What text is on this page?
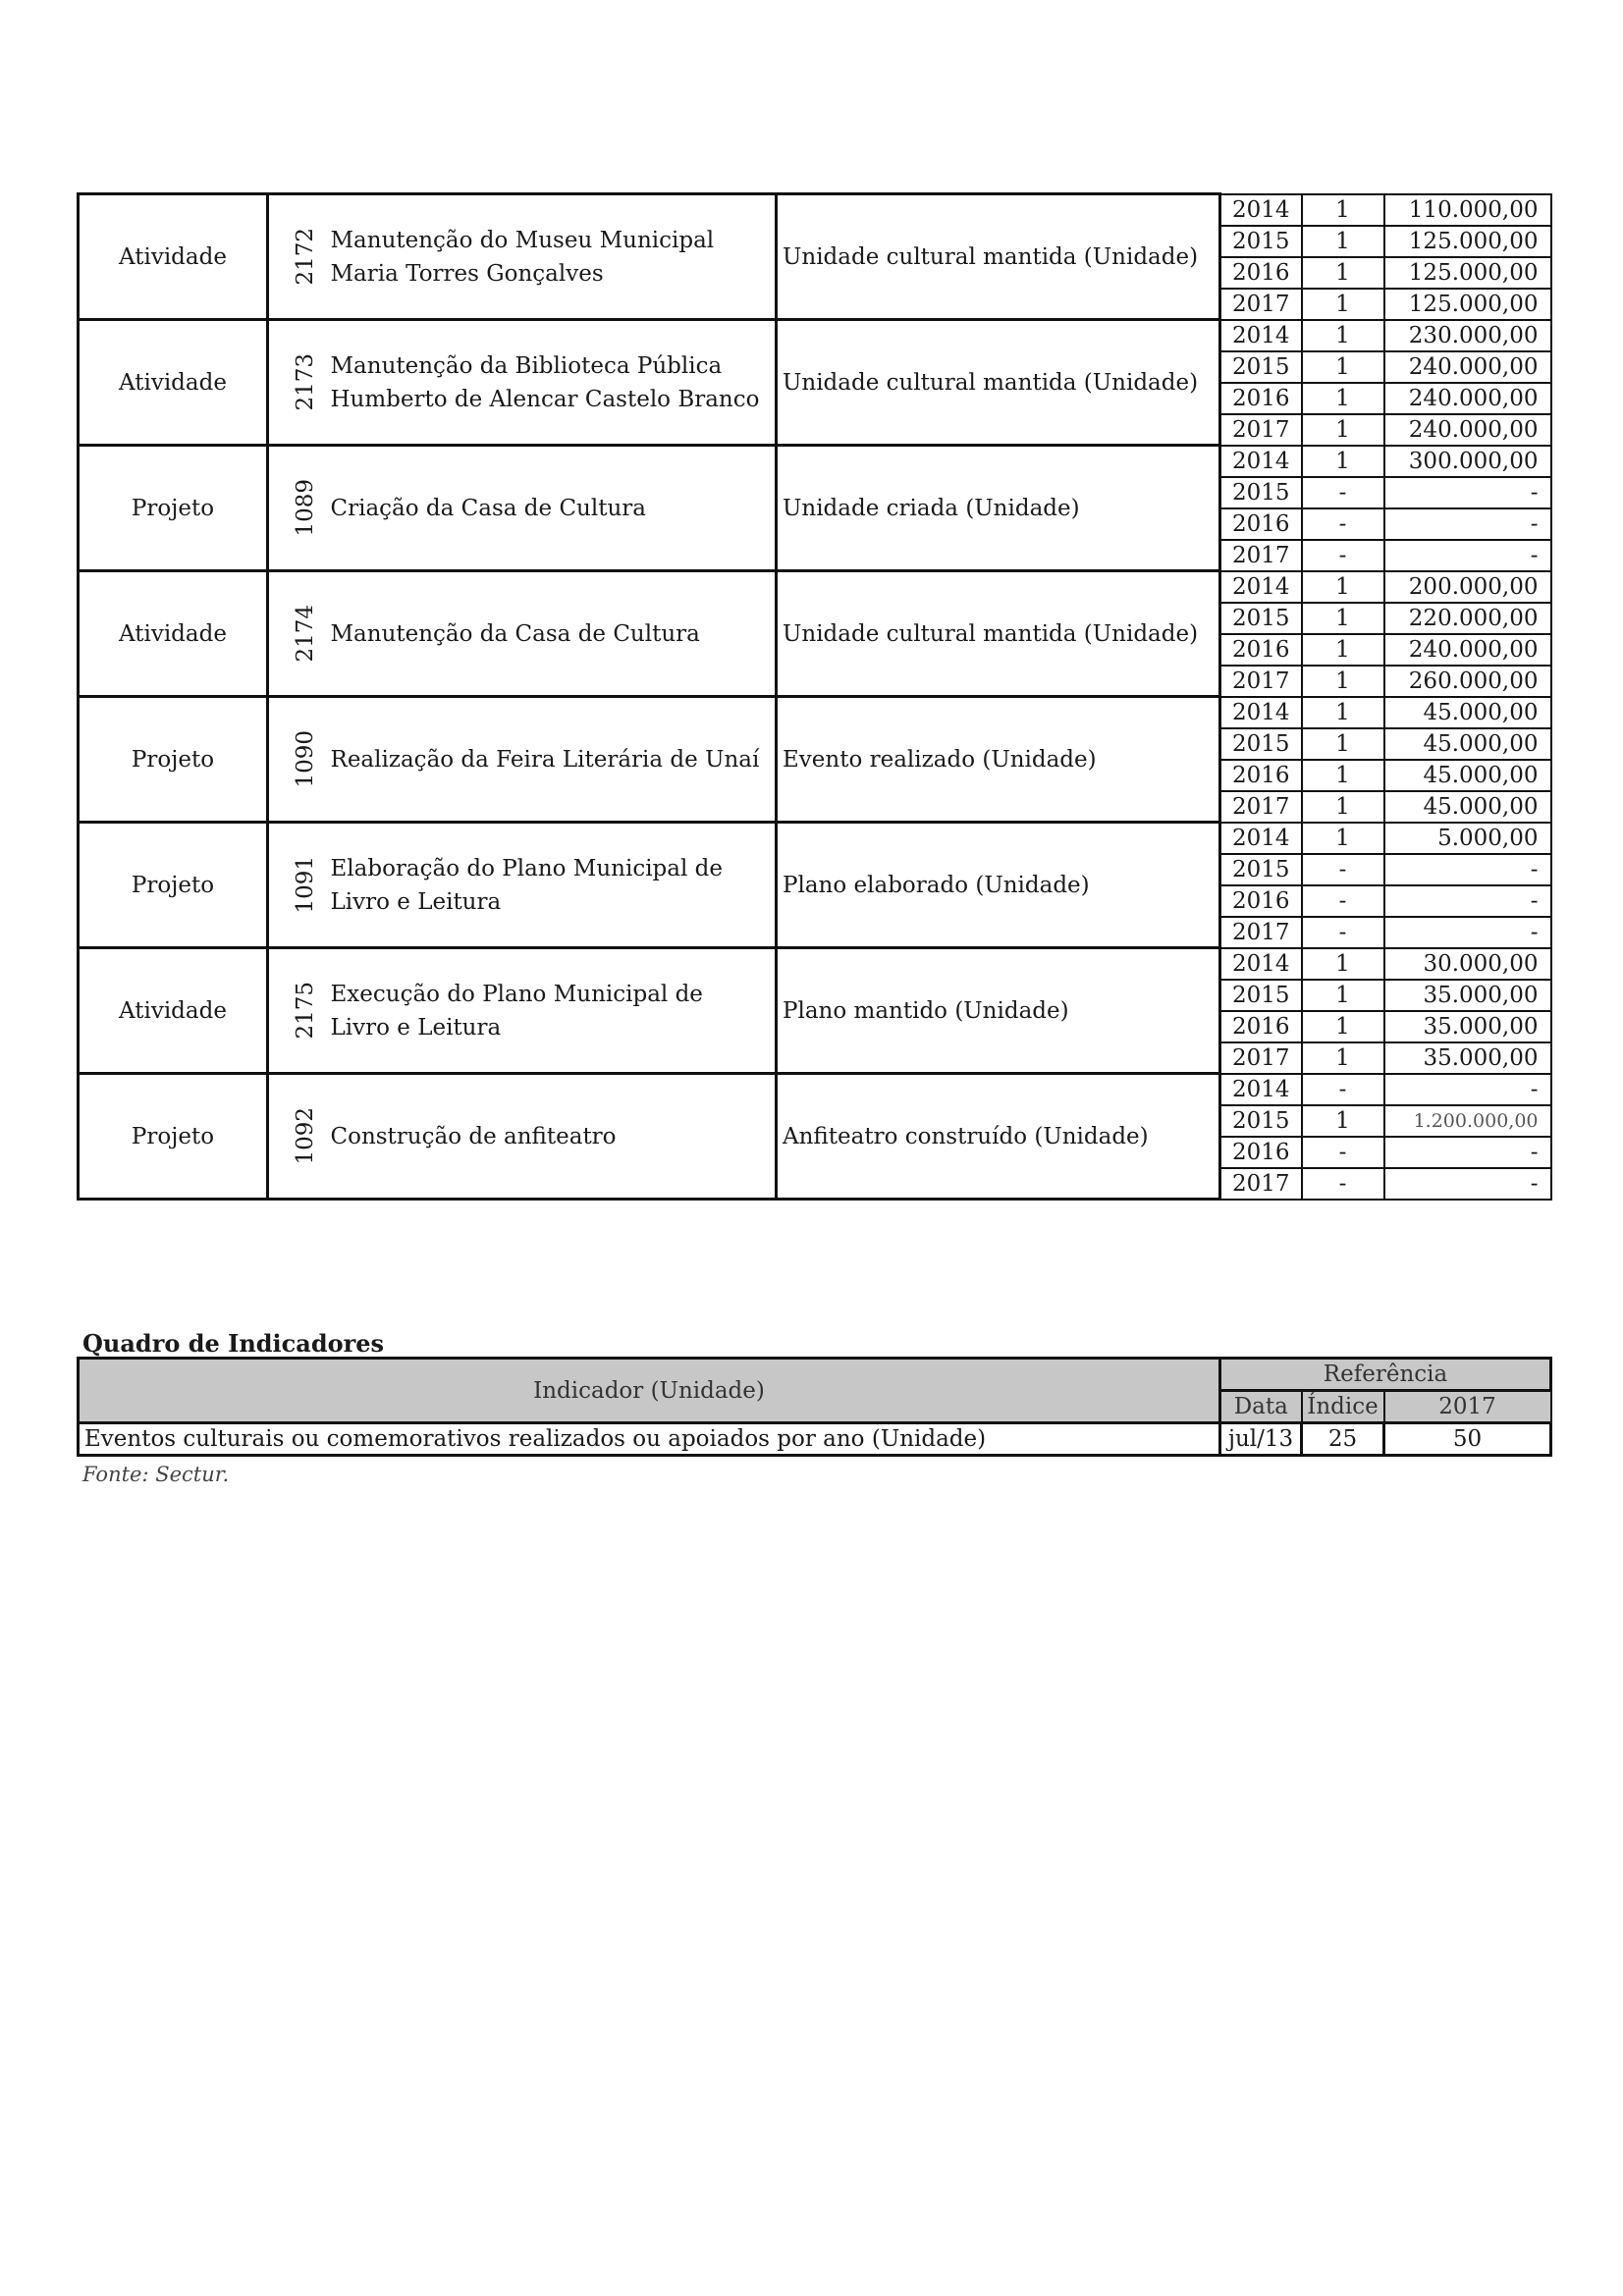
Atividade	2172	Manutenção do Museu Municipal Maria Torres Gonçalves	Unidade cultural mantida (Unidade)	2014	1	110.000,00
				2015	1	125.000,00
				2016	1	125.000,00
				2017	1	125.000,00
Atividade	2173	Manutenção da Biblioteca Pública Humberto de Alencar Castelo Branco	Unidade cultural mantida (Unidade)	2014	1	230.000,00
				2015	1	240.000,00
				2016	1	240.000,00
				2017	1	240.000,00
Projeto	1089	Criação da Casa de Cultura	Unidade criada (Unidade)	2014	1	300.000,00
				2015	-	-
				2016	-	-
				2017	-	-
Atividade	2174	Manutenção da Casa de Cultura	Unidade cultural mantida (Unidade)	2014	1	200.000,00
				2015	1	220.000,00
				2016	1	240.000,00
				2017	1	260.000,00
Projeto	1090	Realização da Feira Literária de Unaí	Evento realizado (Unidade)	2014	1	45.000,00
				2015	1	45.000,00
				2016	1	45.000,00
				2017	1	45.000,00
Projeto	1091	Elaboração do Plano Municipal de Livro e Leitura	Plano elaborado (Unidade)	2014	1	5.000,00
				2015	-	-
				2016	-	-
				2017	-	-
Atividade	2175	Execução do Plano Municipal de Livro e Leitura	Plano mantido (Unidade)	2014	1	30.000,00
				2015	1	35.000,00
				2016	1	35.000,00
				2017	1	35.000,00
Projeto	1092	Construção de anfiteatro	Anfiteatro construído (Unidade)	2014	-	-
				2015	1	1.200.000,00
				2016	-	-
				2017	-	-
Quadro de Indicadores
Indicador (Unidade)	Referência		
	Data	Índice	2017
Eventos culturais ou comemorativos realizados ou apoiados por ano (Unidade)	jul/13	25	50
Fonte: Sectur.
